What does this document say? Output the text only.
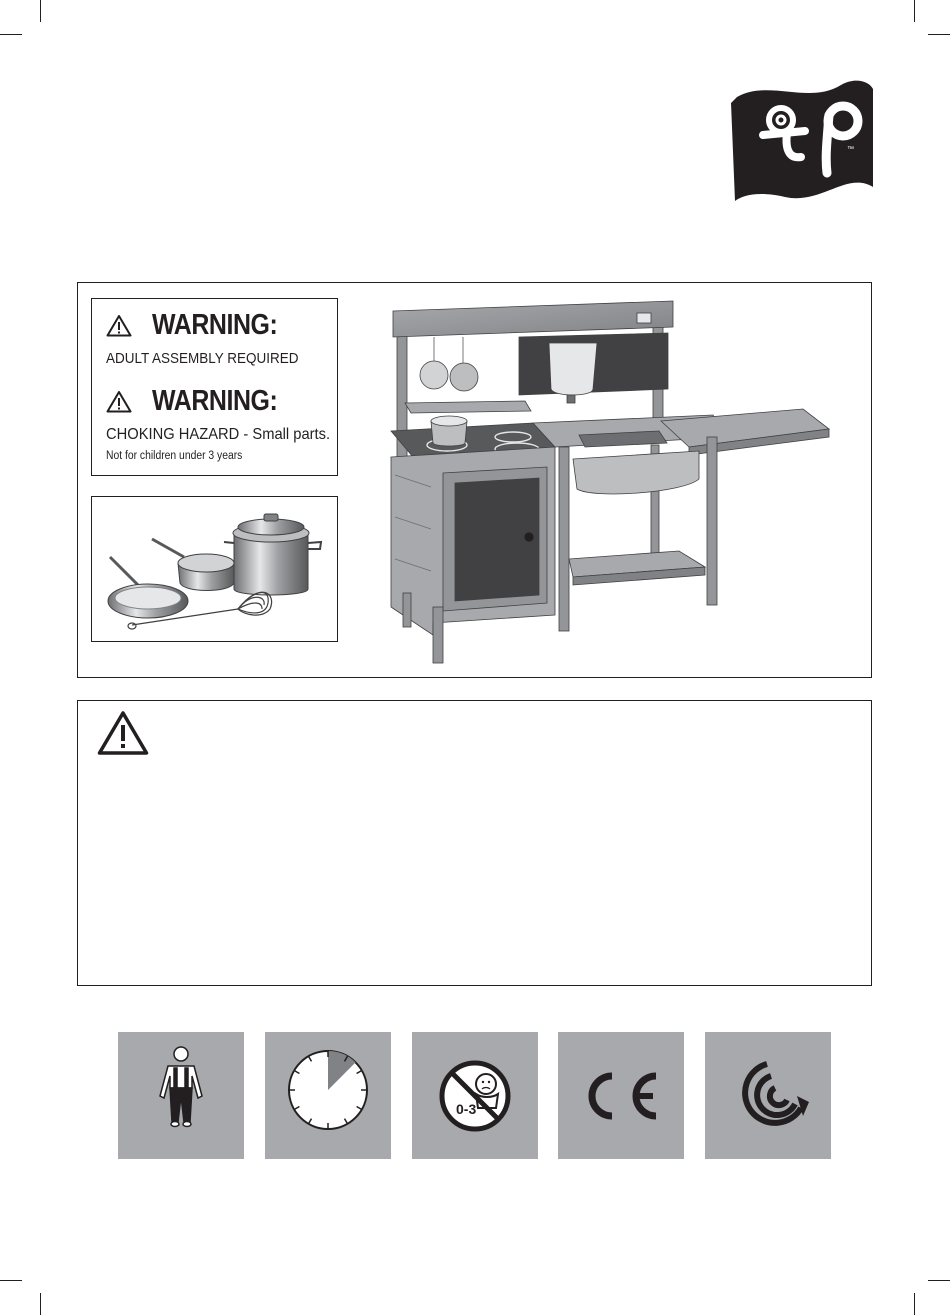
™
WARNING:
ADULT ASSEMBLY REQUIRED
WARNING:
CHOKING HAZARD - Small parts.
Not for children under 3 years
0-3
